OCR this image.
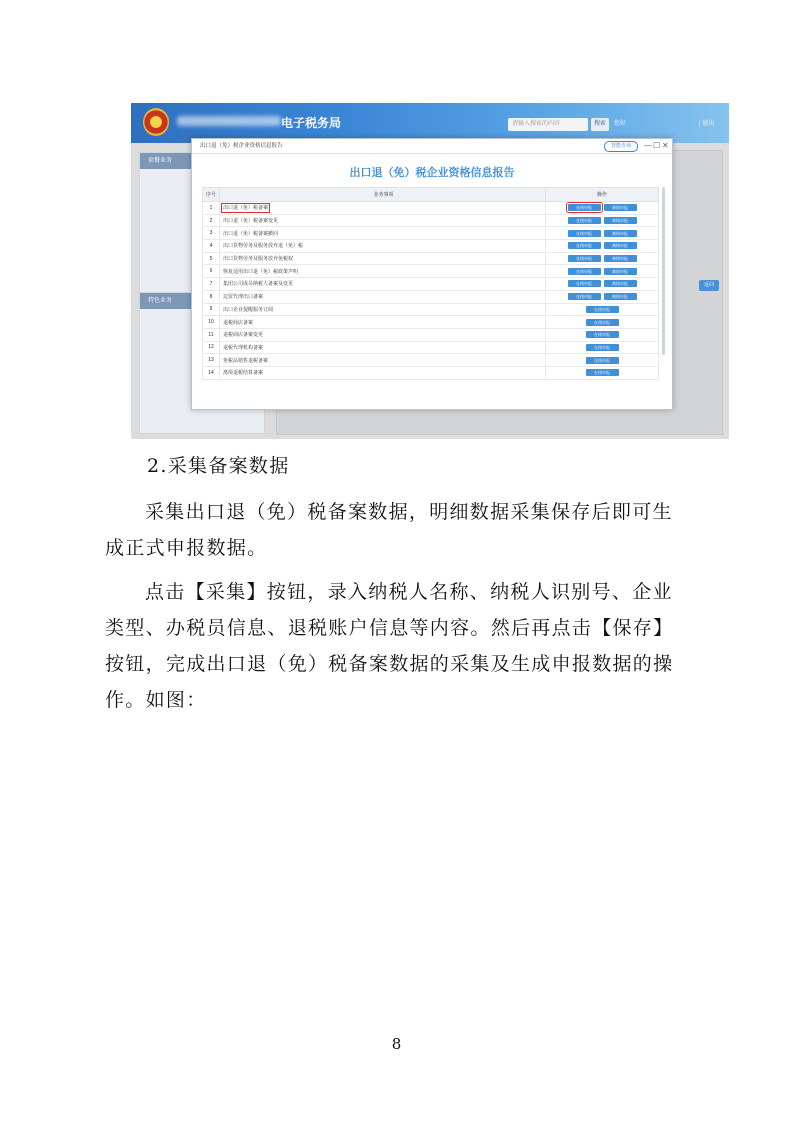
电子税务局	请输入搜索的内容	搜索	您好	| 退出
套餐业务
特色业务
返回
出口退（免）税企业资格信息报告	智能咨询	— ☐ ✕
出口退（免）税企业资格信息报告
序号	业务事项	操作
1	出口退（免）税备案	在线申报 离线申报
2	出口退（免）税备案变更	在线申报 离线申报
3	出口退（免）税备案撤回	在线申报 离线申报
4	出口货物劳务及服务放弃退（免）税	在线申报 离线申报
5	出口货物劳务及服务放弃免税权	在线申报 离线申报
6	恢复适用出口退（免）税政策声明	在线申报 离线申报
7	集团公司成员纳税人备案及变更	在线申报 离线申报
8	边贸代理出口备案	在线申报 离线申报
9	出口企业提醒服务订阅	在线申报
10	退税商店备案	在线申报
11	退税商店备案变更	在线申报
12	退税代理机构备案	在线申报
13	免税品销售退税备案	在线申报
14	离境退税结算备案	在线申报
2.采集备案数据
采集出口退（免）税备案数据，明细数据采集保存后即可生成正式申报数据。
点击【采集】按钮，录入纳税人名称、纳税人识别号、企业类型、办税员信息、退税账户信息等内容。然后再点击【保存】按钮，完成出口退（免）税备案数据的采集及生成申报数据的操作。如图：
8
